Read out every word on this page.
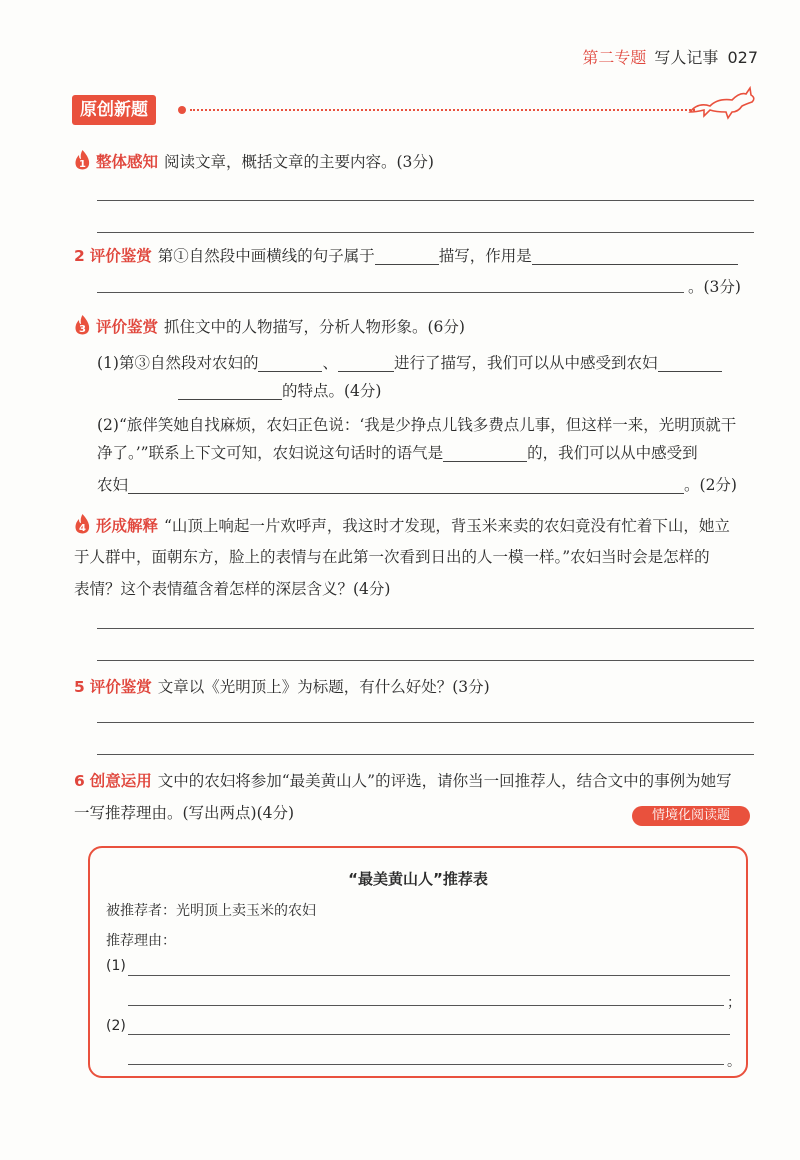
第二专题 写人记事 027
原创新题
1 整体感知 阅读文章，概括文章的主要内容。(3分)
2 评价鉴赏 第①自然段中画横线的句子属于	描写，作用是
。(3分)
3 评价鉴赏 抓住文中的人物描写，分析人物形象。(6分)
(1)第③自然段对农妇的	、	进行了描写，我们可以从中感受到农妇
的特点。(4分)
(2)“旅伴笑她自找麻烦，农妇正色说：‘我是少挣点儿钱多费点儿事，但这样一来，光明顶就干
净了。’”联系上下文可知，农妇说这句话时的语气是	的，我们可以从中感受到
农妇	。(2分)
4 形成解释 “山顶上响起一片欢呼声，我这时才发现，背玉米来卖的农妇竟没有忙着下山，她立
于人群中，面朝东方，脸上的表情与在此第一次看到日出的人一模一样。”农妇当时会是怎样的
表情？这个表情蕴含着怎样的深层含义？(4分)
5 评价鉴赏 文章以《光明顶上》为标题，有什么好处？(3分)
6 创意运用 文中的农妇将参加“最美黄山人”的评选，请你当一回推荐人，结合文中的事例为她写
一写推荐理由。(写出两点)(4分)	情境化阅读题
“最美黄山人”推荐表
被推荐者：光明顶上卖玉米的农妇
推荐理由：
(1)
；
(2)
。
